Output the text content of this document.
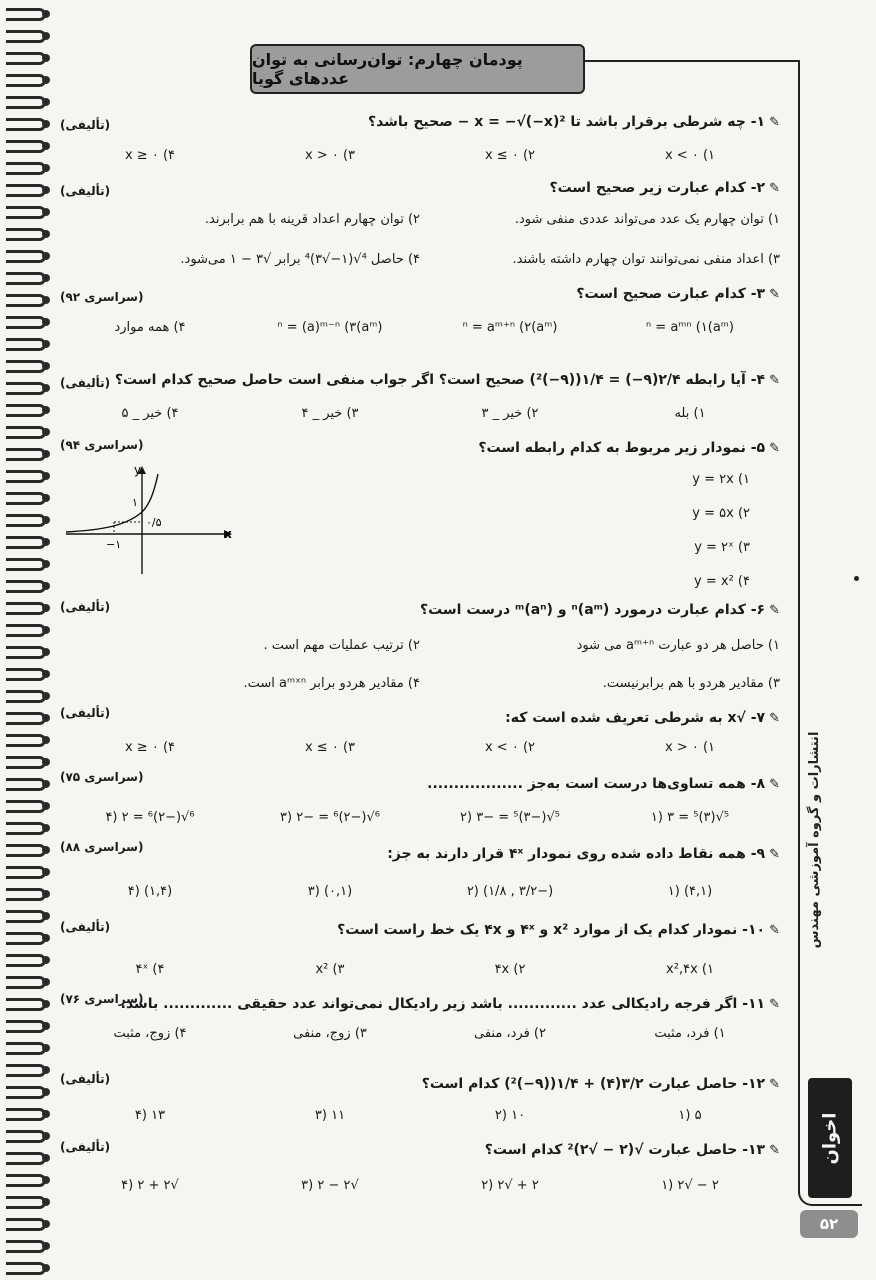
پودمان چهارم: توان‌رسانی به توان عددهای گویا
انتشارات و گروه آموزشی مهندس
اخوان
۵۲
✎۱- چه شرطی برقرار باشد تا x = −√(−x)² − صحیح باشد؟
(تألیفی)
x < ۰ (۱
x ≤ ۰ (۲
x > ۰ (۳
x ≥ ۰ (۴
✎۲- کدام عبارت زیر صحیح است؟
(تألیفی)
۱) توان چهارم یک عدد می‌تواند عددی منفی شود.
۲) توان چهارم اعداد قرینه با هم برابرند.
۳) اعداد منفی نمی‌توانند توان چهارم داشته باشند.
۴) حاصل ⁴√(۱−√۳)⁴ برابر √۳ − ۱ می‌شود.
✎۳- کدام عبارت صحیح است؟
(سراسری ۹۲)
(aᵐ)ⁿ = aᵐⁿ (۱
(aᵐ)ⁿ = aᵐ⁺ⁿ (۲
(aᵐ)ⁿ = (a)ᵐ⁻ⁿ (۳
۴) همه موارد
✎۴- آیا رابطه ۲/۴(۹−) = ۱/۴((۹−)²) صحیح است؟ اگر جواب منفی است حاصل صحیح کدام است؟
(تألیفی)
۱) بله
۲) خیر _ ۳
۳) خیر _ ۴
۴) خیر _ ۵
✎۵- نمودار زیر مربوط به کدام رابطه است؟
(سراسری ۹۴)
y = ۲x (۱
y = ۵x (۲
y = ۲ˣ (۳
y = x² (۴
y
x
۱
۰/۵
−۱
✎۶- کدام عبارت درمورد ⁿ(aᵐ) و ᵐ(aⁿ) درست است؟
(تألیفی)
۱) حاصل هر دو عبارت aᵐ⁺ⁿ می شود
۲) ترتیب عملیات مهم است .
۳) مقادیر هردو با هم برابرنیست.
۴) مقادیر هردو برابر aᵐˣⁿ است.
✎۷- √x به شرطی تعریف شده است که:
(تألیفی)
x > ۰ (۱
x < ۰ (۲
x ≤ ۰ (۳
x ≥ ۰ (۴
✎۸- همه تساوی‌ها درست است به‌جز ..................
(سراسری ۷۵)
⁵√(۳)⁵ = ۳ (۱
⁵√(−۳)⁵ = −۳ (۲
⁶√(−۲)⁶ = −۲ (۳
⁶√(−۲)⁶ = ۲ (۴
✎۹- همه نقاط داده شده روی نمودار ۴ˣ قرار دارند به جز:
(سراسری ۸۸)
(۴,۱) (۱
(−۳/۲ , ۱/۸) (۲
(۰,۱) (۳
(۱,۴) (۴
✎۱۰- نمودار کدام یک از موارد x² و ۴ˣ و ۴x یک خط راست است؟
(تألیفی)
x²,۴x (۱
۴x (۲
x² (۳
۴ˣ (۴
✎۱۱- اگر فرجه رادیکالی عدد ............. باشد زیر رادیکال نمی‌تواند عدد حقیقی ............. باشد.
(سراسری ۷۶)
۱) فرد، مثبت
۲) فرد، منفی
۳) زوج، منفی
۴) زوج، مثبت
✎۱۲- حاصل عبارت ۳/۲(۴) + ۱/۴((۹−)²) کدام است؟
(تألیفی)
۵ (۱
۱۰ (۲
۱۱ (۳
۱۳ (۴
✎۱۳- حاصل عبارت √(۲ − √۲)² کدام است؟
(تألیفی)
۲ − √۲ (۱
۲ + √۲ (۲
√۲ − ۲ (۳
√۲ + ۲ (۴
